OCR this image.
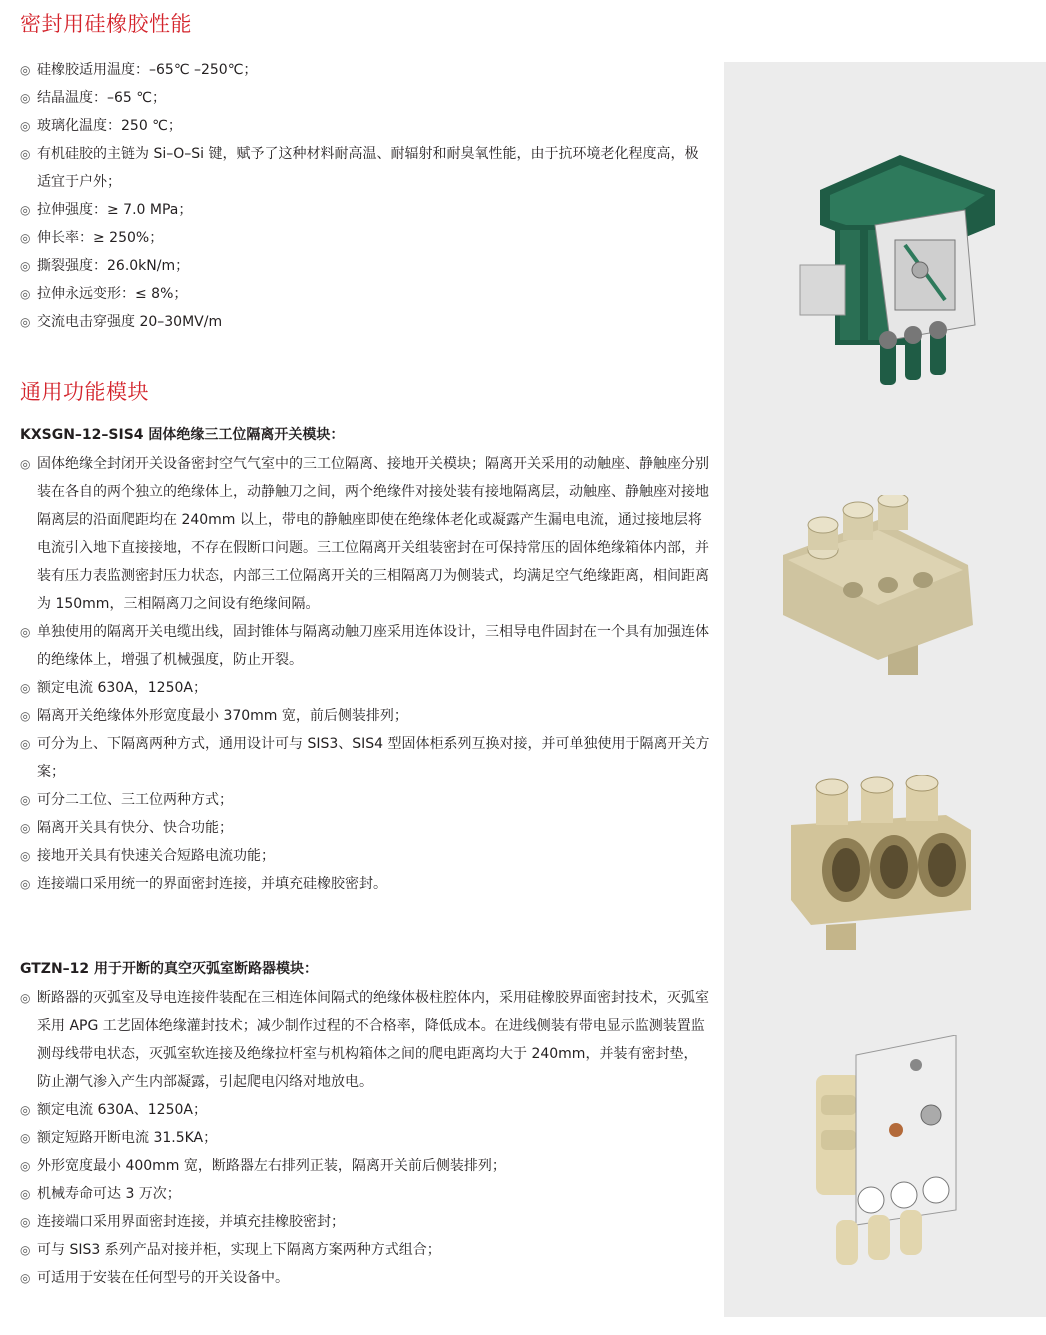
密封用硅橡胶性能
◎ 硅橡胶适用温度：–65℃ –250℃；
◎ 结晶温度：–65 ℃；
◎ 玻璃化温度：250 ℃；
◎ 有机硅胶的主链为 Si–O–Si 键，赋予了这种材料耐高温、耐辐射和耐臭氧性能，由于抗环境老化程度高，极适宜于户外；
◎ 拉伸强度：≥ 7.0 MPa；
◎ 伸长率：≥ 250%；
◎ 撕裂强度：26.0kN/m；
◎ 拉伸永远变形：≤ 8%；
◎ 交流电击穿强度 20–30MV/m
通用功能模块
KXSGN–12–SIS4 固体绝缘三工位隔离开关模块：
◎ 固体绝缘全封闭开关设备密封空气气室中的三工位隔离、接地开关模块；隔离开关采用的动触座、静触座分别装在各自的两个独立的绝缘体上，动静触刀之间，两个绝缘件对接处装有接地隔离层，动触座、静触座对接地隔离层的沿面爬距均在 240mm 以上，带电的静触座即使在绝缘体老化或凝露产生漏电电流，通过接地层将电流引入地下直接接地，不存在假断口问题。三工位隔离开关组装密封在可保持常压的固体绝缘箱体内部，并装有压力表监测密封压力状态，内部三工位隔离开关的三相隔离刀为侧装式，均满足空气绝缘距离，相间距离为 150mm，三相隔离刀之间设有绝缘间隔。
◎ 单独使用的隔离开关电缆出线，固封锥体与隔离动触刀座采用连体设计，三相导电件固封在一个具有加强连体的绝缘体上，增强了机械强度，防止开裂。
◎ 额定电流 630A，1250A；
◎ 隔离开关绝缘体外形宽度最小 370mm 宽，前后侧装排列；
◎ 可分为上、下隔离两种方式，通用设计可与 SIS3、SIS4 型固体柜系列互换对接，并可单独使用于隔离开关方案；
◎ 可分二工位、三工位两种方式；
◎ 隔离开关具有快分、快合功能；
◎ 接地开关具有快速关合短路电流功能；
◎ 连接端口采用统一的界面密封连接，并填充硅橡胶密封。
GTZN–12 用于开断的真空灭弧室断路器模块：
◎ 断路器的灭弧室及导电连接件装配在三相连体间隔式的绝缘体极柱腔体内，采用硅橡胶界面密封技术，灭弧室采用 APG 工艺固体绝缘灌封技术；减少制作过程的不合格率，降低成本。在进线侧装有带电显示监测装置监测母线带电状态，灭弧室软连接及绝缘拉杆室与机构箱体之间的爬电距离均大于 240mm，并装有密封垫，防止潮气渗入产生内部凝露，引起爬电闪络对地放电。
◎ 额定电流 630A、1250A；
◎ 额定短路开断电流 31.5KA；
◎ 外形宽度最小 400mm 宽，断路器左右排列正装，隔离开关前后侧装排列；
◎ 机械寿命可达 3 万次；
◎ 连接端口采用界面密封连接，并填充挂橡胶密封；
◎ 可与 SIS3 系列产品对接并柜，实现上下隔离方案两种方式组合；
◎ 可适用于安装在任何型号的开关设备中。
